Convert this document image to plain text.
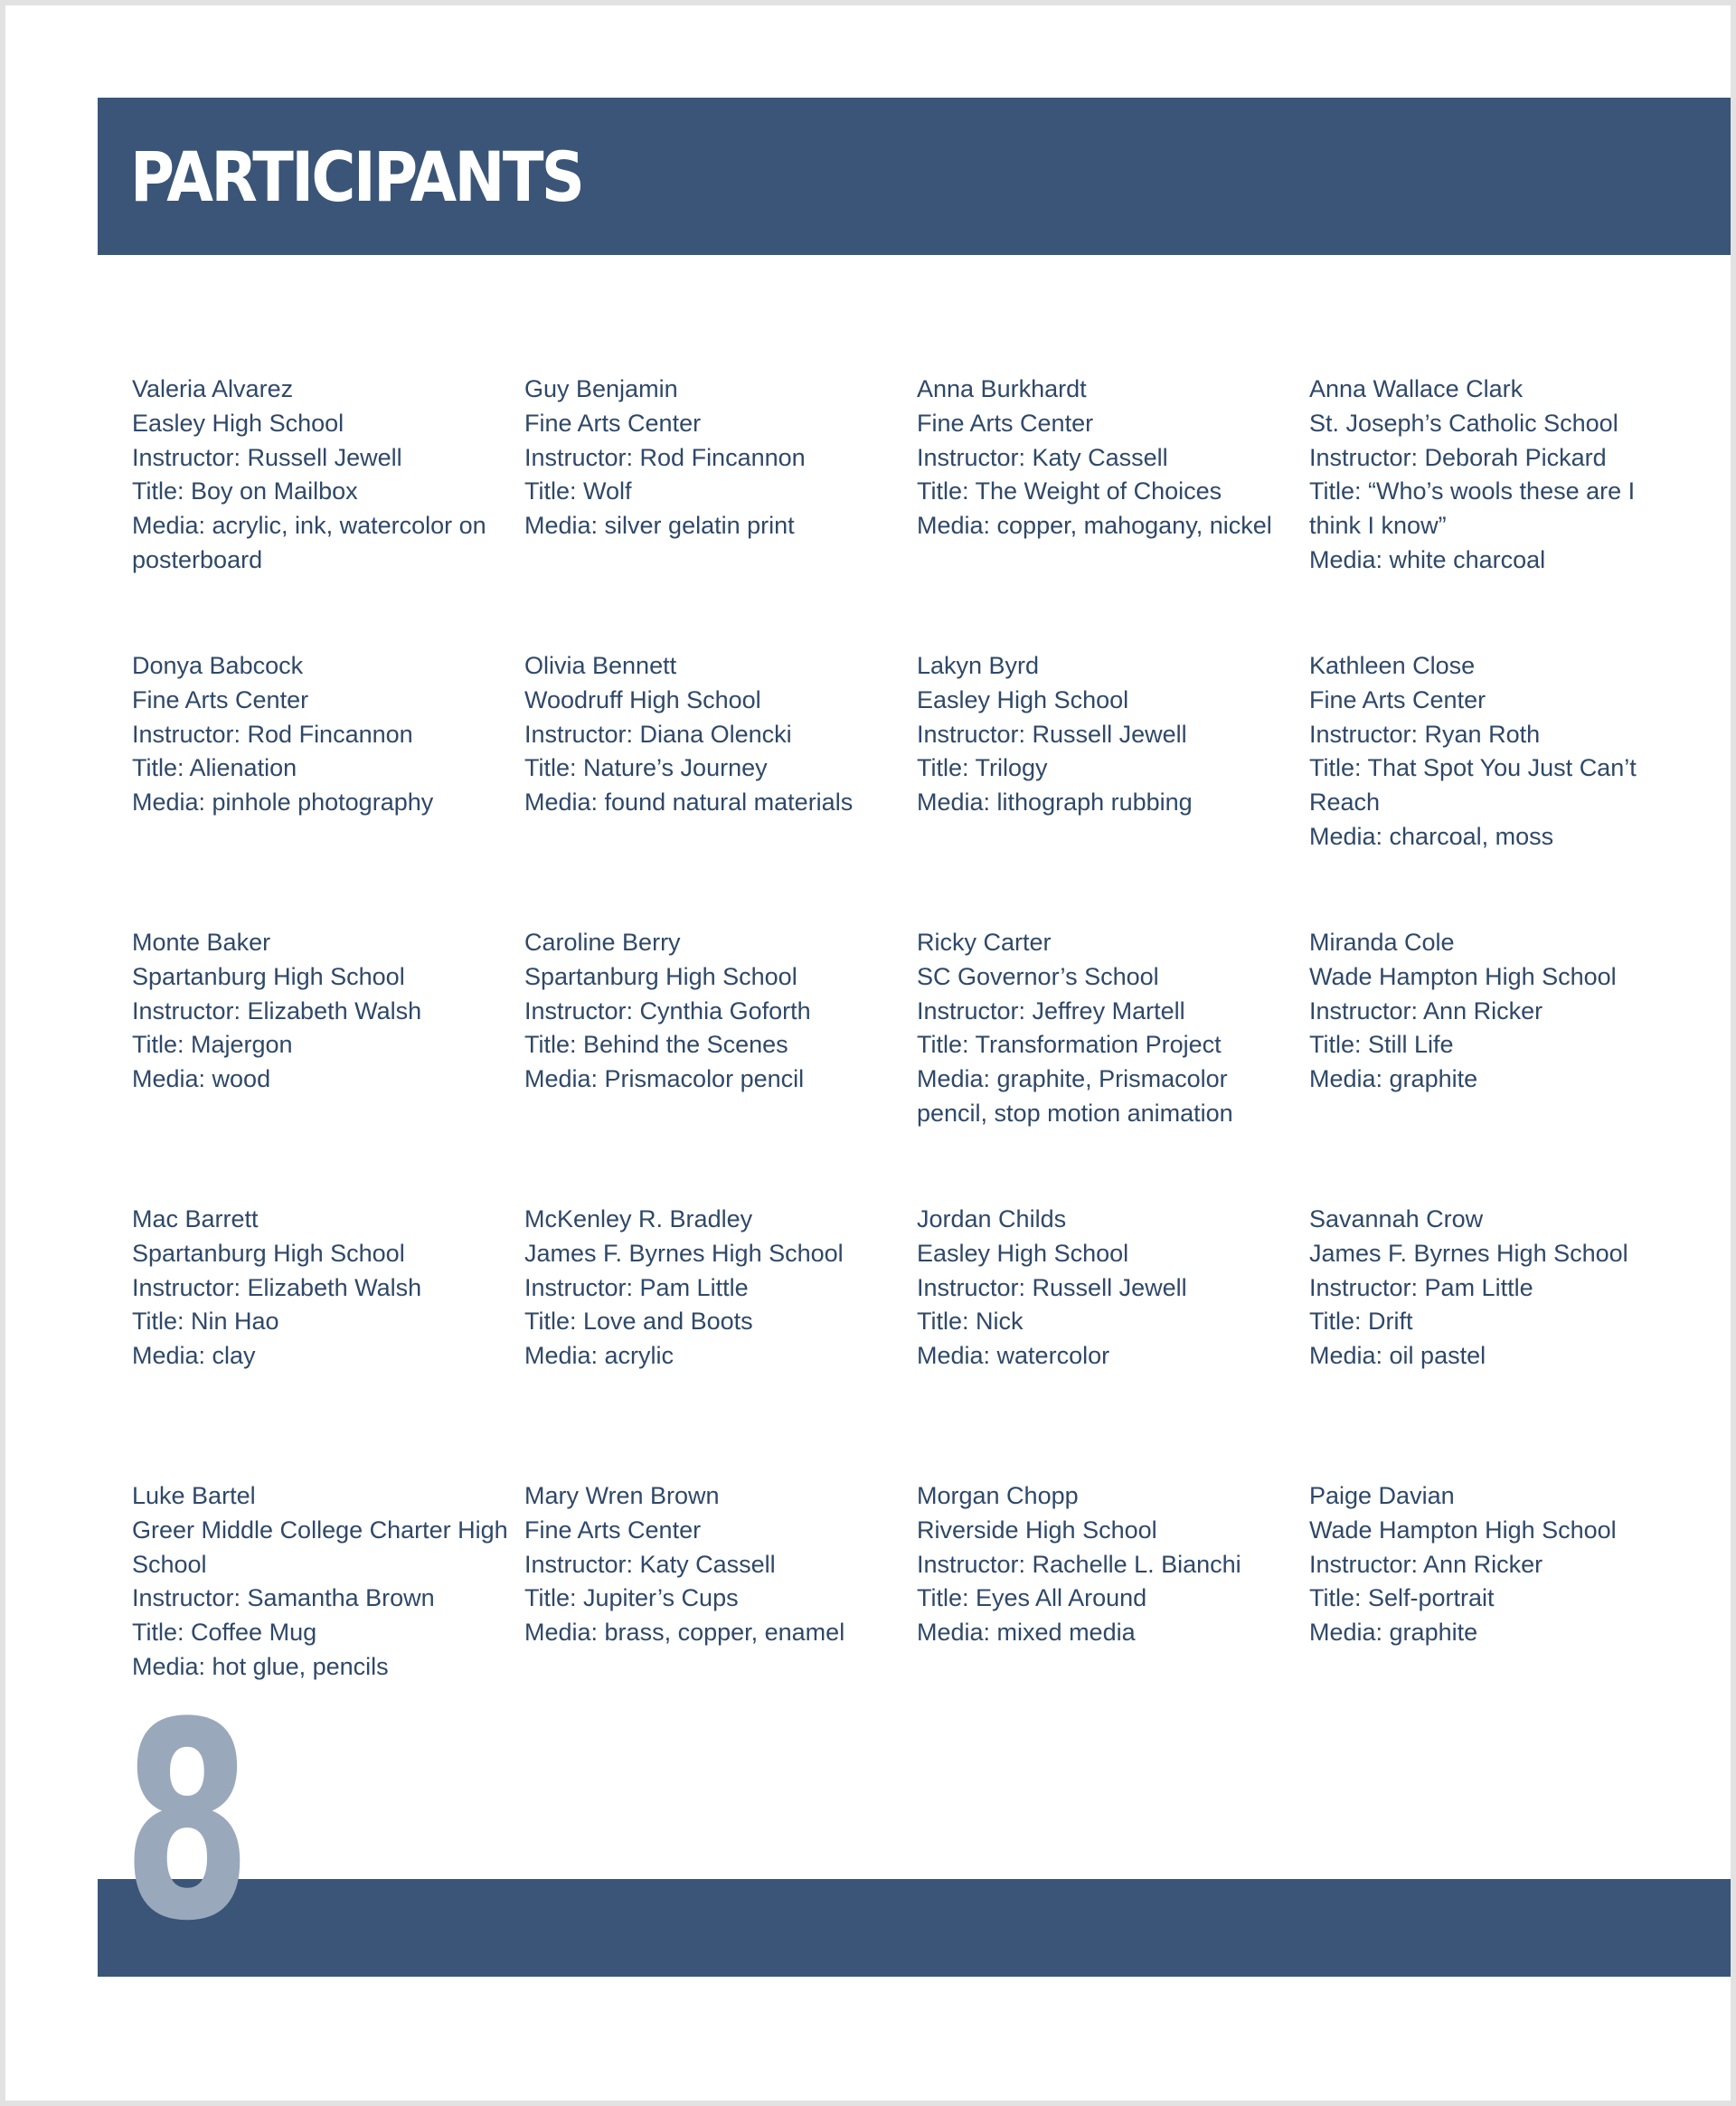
PARTICIPANTS
Valeria Alvarez
Easley High School
Instructor: Russell Jewell
Title: Boy on Mailbox
Media: acrylic, ink, watercolor on posterboard
Guy Benjamin
Fine Arts Center
Instructor: Rod Fincannon
Title: Wolf
Media: silver gelatin print
Anna Burkhardt
Fine Arts Center
Instructor: Katy Cassell
Title: The Weight of Choices
Media: copper, mahogany, nickel
Anna Wallace Clark
St. Joseph’s Catholic School
Instructor: Deborah Pickard
Title: “Who’s wools these are I think I know”
Media: white charcoal
Donya Babcock
Fine Arts Center
Instructor: Rod Fincannon
Title: Alienation
Media: pinhole photography
Olivia Bennett
Woodruff High School
Instructor: Diana Olencki
Title: Nature’s Journey
Media: found natural materials
Lakyn Byrd
Easley High School
Instructor: Russell Jewell
Title: Trilogy
Media: lithograph rubbing
Kathleen Close
Fine Arts Center
Instructor: Ryan Roth
Title: That Spot You Just Can’t Reach
Media: charcoal, moss
Monte Baker
Spartanburg High School
Instructor: Elizabeth Walsh
Title: Majergon
Media: wood
Caroline Berry
Spartanburg High School
Instructor: Cynthia Goforth
Title: Behind the Scenes
Media: Prismacolor pencil
Ricky Carter
SC Governor’s School
Instructor: Jeffrey Martell
Title: Transformation Project
Media: graphite, Prismacolor pencil, stop motion animation
Miranda Cole
Wade Hampton High School
Instructor: Ann Ricker
Title: Still Life
Media: graphite
Mac Barrett
Spartanburg High School
Instructor: Elizabeth Walsh
Title: Nin Hao
Media: clay
McKenley R. Bradley
James F. Byrnes High School
Instructor: Pam Little
Title: Love and Boots
Media: acrylic
Jordan Childs
Easley High School
Instructor: Russell Jewell
Title: Nick
Media: watercolor
Savannah Crow
James F. Byrnes High School
Instructor: Pam Little
Title: Drift
Media: oil pastel
Luke Bartel
Greer Middle College Charter High School
Instructor: Samantha Brown
Title: Coffee Mug
Media: hot glue, pencils
Mary Wren Brown
Fine Arts Center
Instructor: Katy Cassell
Title: Jupiter’s Cups
Media: brass, copper, enamel
Morgan Chopp
Riverside High School
Instructor: Rachelle L. Bianchi
Title: Eyes All Around
Media: mixed media
Paige Davian
Wade Hampton High School
Instructor: Ann Ricker
Title: Self-portrait
Media: graphite
8
